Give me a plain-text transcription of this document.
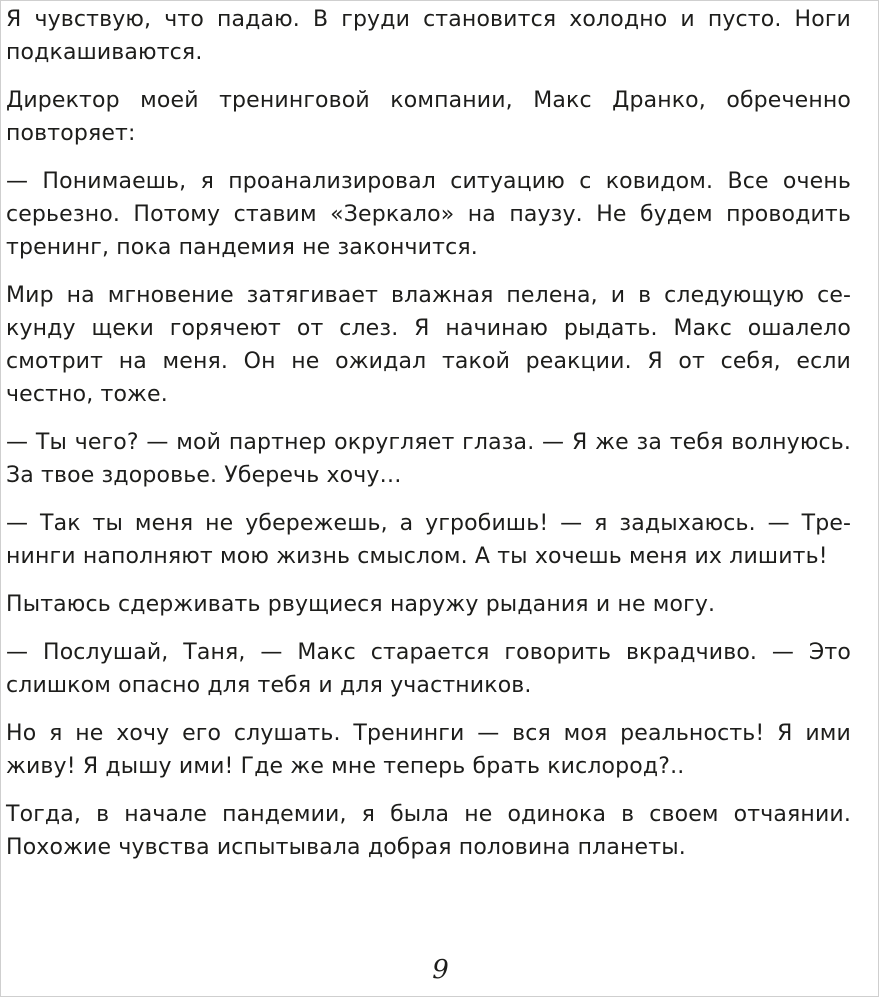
Я чувствую, что падаю. В груди становится холодно и пусто. Ноги подкашиваются.

Директор моей тренинговой компании, Макс Дранко, обреченно повторяет:

— Понимаешь, я проанализировал ситуацию с ковидом. Все очень серьезно. Потому ставим «Зеркало» на паузу. Не будем проводить тренинг, пока пандемия не закончится.

Мир на мгновение затягивает влажная пелена, и в следующую секунду щеки горячеют от слез. Я начинаю рыдать. Макс ошалело смотрит на меня. Он не ожидал такой реакции. Я от себя, если честно, тоже.

— Ты чего? — мой партнер округляет глаза. — Я же за тебя волнуюсь. За твое здоровье. Уберечь хочу…

— Так ты меня не убережешь, а угробишь! — я задыхаюсь. — Тренинги наполняют мою жизнь смыслом. А ты хочешь меня их лишить!

Пытаюсь сдерживать рвущиеся наружу рыдания и не могу.

— Послушай, Таня, — Макс старается говорить вкрадчиво. — Это слишком опасно для тебя и для участников.

Но я не хочу его слушать. Тренинги — вся моя реальность! Я ими живу! Я дышу ими! Где же мне теперь брать кислород?..

Тогда, в начале пандемии, я была не одинока в своем отчаянии. Похожие чувства испытывала добрая половина планеты.

9
